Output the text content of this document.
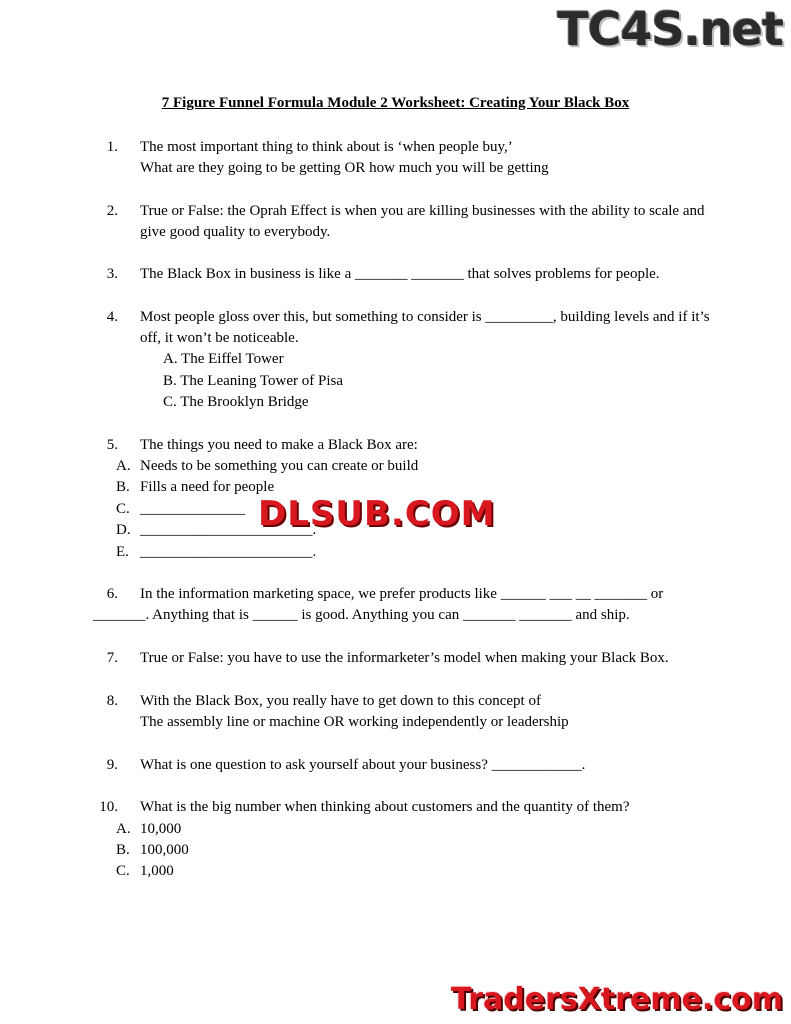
TC4S.net
7 Figure Funnel Formula Module 2 Worksheet: Creating Your Black Box
1. The most important thing to think about is ‘when people buy,’
What are they going to be getting OR how much you will be getting
2. True or False: the Oprah Effect is when you are killing businesses with the ability to scale and
give good quality to everybody.
3. The Black Box in business is like a _______ _______ that solves problems for people.
4. Most people gloss over this, but something to consider is _________, building levels and if it’s
off, it won’t be noticeable.
A. The Eiffel Tower
B. The Leaning Tower of Pisa
C. The Brooklyn Bridge
5. The things you need to make a Black Box are:
A. Needs to be something you can create or build
B. Fills a need for people
C. ______________
D. _______________________.
E. _______________________.
DLSUB.COM
6. In the information marketing space, we prefer products like ______ ___ __ _______ or
_______. Anything that is ______ is good. Anything you can _______ _______ and ship.
7. True or False: you have to use the informarketer’s model when making your Black Box.
8. With the Black Box, you really have to get down to this concept of
The assembly line or machine OR working independently or leadership
9. What is one question to ask yourself about your business? ____________.
10. What is the big number when thinking about customers and the quantity of them?
A. 10,000
B. 100,000
C. 1,000
TradersXtreme.com
